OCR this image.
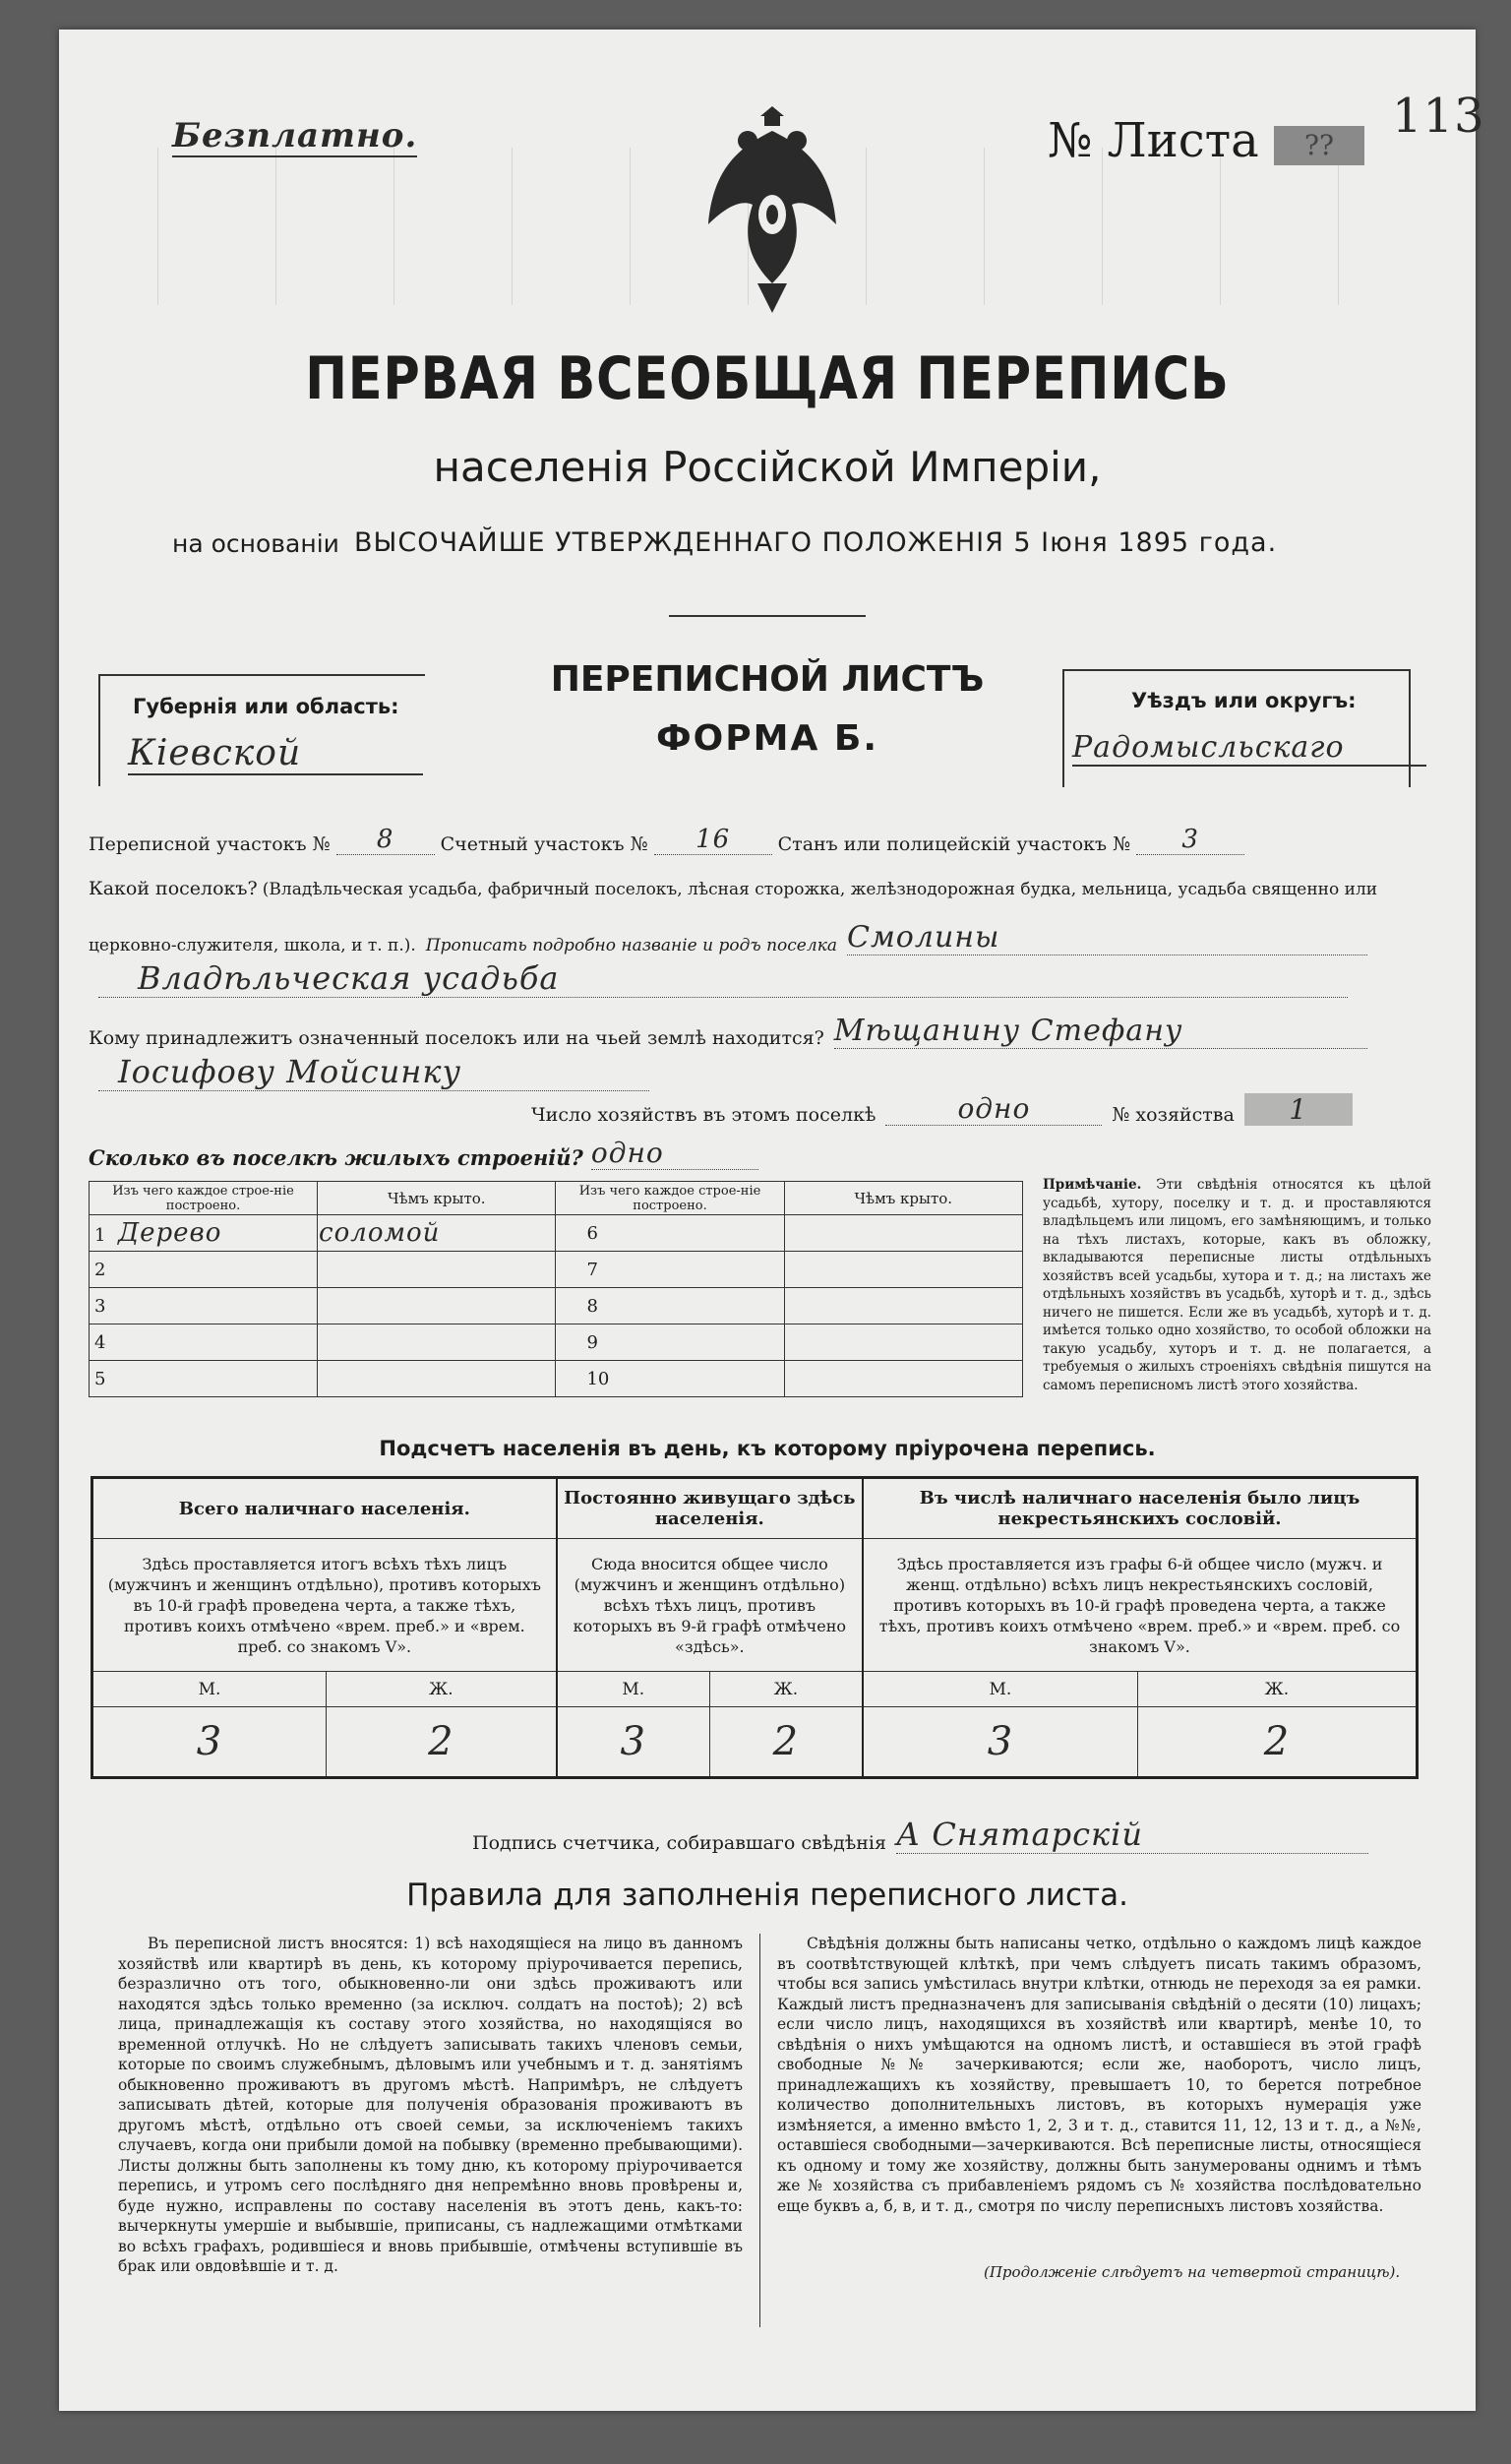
Безплатно.	№ Листа	??
113
ПЕРВАЯ ВСЕОБЩАЯ ПЕРЕПИСЬ
населенія Россійской Имперіи,
на основаніи ВЫСОЧАЙШЕ УТВЕРЖДЕННАГО ПОЛОЖЕНІЯ 5 Іюня 1895 года.
Губернія или область:
Кіевской
ПЕРЕПИСНОЙ ЛИСТЪ
ФОРМА Б.
Уѣздъ или округъ:
Радомысльскаго
Переписной участокъ №	8	Счетный участокъ №	16	Станъ или полицейскій участокъ №	3
Какой поселокъ? (Владѣльческая усадьба, фабричный поселокъ, лѣсная сторожка, желѣзнодорожная будка, мельница, усадьба священно или
церковно-служителя, школа, и т. п.). Прописать подробно названіе и родъ поселка Смолины
Владѣльческая усадьба
Кому принадлежитъ означенный поселокъ или на чьей землѣ находится? Мѣщанину Стефану
Іосифову Мойсинку
Число хозяйствъ въ этомъ поселкѣ	одно	№ хозяйства	1
Сколько въ поселкѣ жилыхъ строеній? одно
Изъ чего каждое строе-ніе построено.	Чѣмъ крыто.	Изъ чего каждое строе-ніе построено.	Чѣмъ крыто.
1 Дерево	соломой	6	
2		7	
3		8	
4		9	
5		10	
Примѣчаніе. Эти свѣдѣнія относятся къ цѣлой усадьбѣ, хутору, поселку и т. д. и проставляются владѣльцемъ или лицомъ, его замѣняющимъ, и только на тѣхъ листахъ, которые, какъ въ обложку, вкладываются переписные листы отдѣльныхъ хозяйствъ всей усадьбы, хутора и т. д.; на листахъ же отдѣльныхъ хозяйствъ въ усадьбѣ, хуторѣ и т. д., здѣсь ничего не пишется. Если же въ усадьбѣ, хуторѣ и т. д. имѣется только одно хозяйство, то особой обложки на такую усадьбу, хуторъ и т. д. не полагается, а требуемыя о жилыхъ строеніяхъ свѣдѣнія пишутся на самомъ переписномъ листѣ этого хозяйства.
Подсчетъ населенія въ день, къ которому пріурочена перепись.
Всего наличнаго населенія.		Постоянно живущаго здѣсь населенія.		Въ числѣ наличнаго населенія было лицъ некрестьянскихъ сословій.	
Здѣсь проставляется итогъ всѣхъ тѣхъ лицъ (мужчинъ и женщинъ отдѣльно), противъ которыхъ въ 10-й графѣ проведена черта, а также тѣхъ, противъ коихъ отмѣчено «врем. преб.» и «врем. преб. со знакомъ V».		Сюда вносится общее число (мужчинъ и женщинъ отдѣльно) всѣхъ тѣхъ лицъ, противъ которыхъ въ 9-й графѣ отмѣчено «здѣсь».		Здѣсь проставляется изъ графы 6-й общее число (мужч. и женщ. отдѣльно) всѣхъ лицъ некрестьянскихъ сословій, противъ которыхъ въ 10-й графѣ проведена черта, а также тѣхъ, противъ коихъ отмѣчено «врем. преб.» и «врем. преб. со знакомъ V».	
М.	Ж.	М.	Ж.	М.	Ж.
3	2	3	2	3	2
Подпись счетчика, собиравшаго свѣдѣнія А Снятарскій
Правила для заполненія переписного листа.
Въ переписной листъ вносятся: 1) всѣ находящіеся на лицо въ данномъ хозяйствѣ или квартирѣ въ день, къ которому пріурочивается перепись, безразлично отъ того, обыкновенно-ли они здѣсь проживаютъ или находятся здѣсь только временно (за исключ. солдатъ на постоѣ); 2) всѣ лица, принадлежащія къ составу этого хозяйства, но находящіяся во временной отлучкѣ. Но не слѣдуетъ записывать такихъ членовъ семьи, которые по своимъ служебнымъ, дѣловымъ или учебнымъ и т. д. занятіямъ обыкновенно проживаютъ въ другомъ мѣстѣ. Напримѣръ, не слѣдуетъ записывать дѣтей, которые для полученія образованія проживаютъ въ другомъ мѣстѣ, отдѣльно отъ своей семьи, за исключеніемъ такихъ случаевъ, когда они прибыли домой на побывку (временно пребывающими). Листы должны быть заполнены къ тому дню, къ которому пріурочивается перепись, и утромъ сего послѣдняго дня непремѣнно вновь провѣрены и, буде нужно, исправлены по составу населенія въ этотъ день, какъ-то: вычеркнуты умершіе и выбывшіе, приписаны, съ надлежащими отмѣтками во всѣхъ графахъ, родившіеся и вновь прибывшіе, отмѣчены вступившіе въ брак или овдовѣвшіе и т. д.
Свѣдѣнія должны быть написаны четко, отдѣльно о каждомъ лицѣ каждое въ соотвѣтствующей клѣткѣ, при чемъ слѣдуетъ писать такимъ образомъ, чтобы вся запись умѣстилась внутри клѣтки, отнюдь не переходя за ея рамки. Каждый листъ предназначенъ для записыванія свѣдѣній о десяти (10) лицахъ; если число лицъ, находящихся въ хозяйствѣ или квартирѣ, менѣе 10, то свѣдѣнія о нихъ умѣщаются на одномъ листѣ, и оставшіеся въ этой графѣ свободные №№ зачеркиваются; если же, наоборотъ, число лицъ, принадлежащихъ къ хозяйству, превышаетъ 10, то берется потребное количество дополнительныхъ листовъ, въ которыхъ нумерація уже измѣняется, а именно вмѣсто 1, 2, 3 и т. д., ставится 11, 12, 13 и т. д., а №№, оставшіеся свободными—зачеркиваются. Всѣ переписные листы, относящіеся къ одному и тому же хозяйству, должны быть занумерованы однимъ и тѣмъ же № хозяйства съ прибавленіемъ рядомъ съ № хозяйства послѣдовательно еще буквъ а, б, в, и т. д., смотря по числу переписныхъ листовъ хозяйства.
(Продолженіе слѣдуетъ на четвертой страницѣ).
